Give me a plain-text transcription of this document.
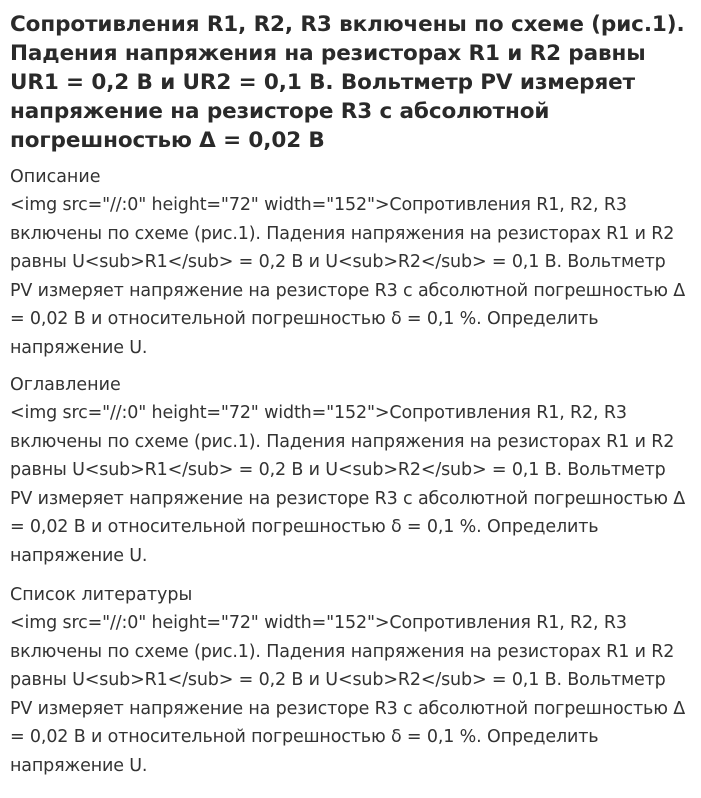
Сопротивления R1, R2, R3 включены по схеме (рис.1). Падения напряжения на резисторах R1 и R2 равны UR1 = 0,2 В и UR2 = 0,1 В. Вольтметр PV измеряет напряжение на резисторе R3 с абсолютной погрешностью Δ = 0,02 В
Описание

<img src="//:0" height="72" width="152">Сопротивления R1, R2, R3 включены по схеме (рис.1). Падения напряжения на резисторах R1 и R2 равны U<sub>R1</sub> = 0,2 В и U<sub>R2</sub> = 0,1 В. Вольтметр PV измеряет напряжение на резисторе R3 с абсолютной погрешностью Δ = 0,02 В и относительной погрешностью δ = 0,1 %. Определить напряжение U.

Оглавление

<img src="//:0" height="72" width="152">Сопротивления R1, R2, R3 включены по схеме (рис.1). Падения напряжения на резисторах R1 и R2 равны U<sub>R1</sub> = 0,2 В и U<sub>R2</sub> = 0,1 В. Вольтметр PV измеряет напряжение на резисторе R3 с абсолютной погрешностью Δ = 0,02 В и относительной погрешностью δ = 0,1 %. Определить напряжение U.

Список литературы

<img src="//:0" height="72" width="152">Сопротивления R1, R2, R3 включены по схеме (рис.1). Падения напряжения на резисторах R1 и R2 равны U<sub>R1</sub> = 0,2 В и U<sub>R2</sub> = 0,1 В. Вольтметр PV измеряет напряжение на резисторе R3 с абсолютной погрешностью Δ = 0,02 В и относительной погрешностью δ = 0,1 %. Определить напряжение U.
